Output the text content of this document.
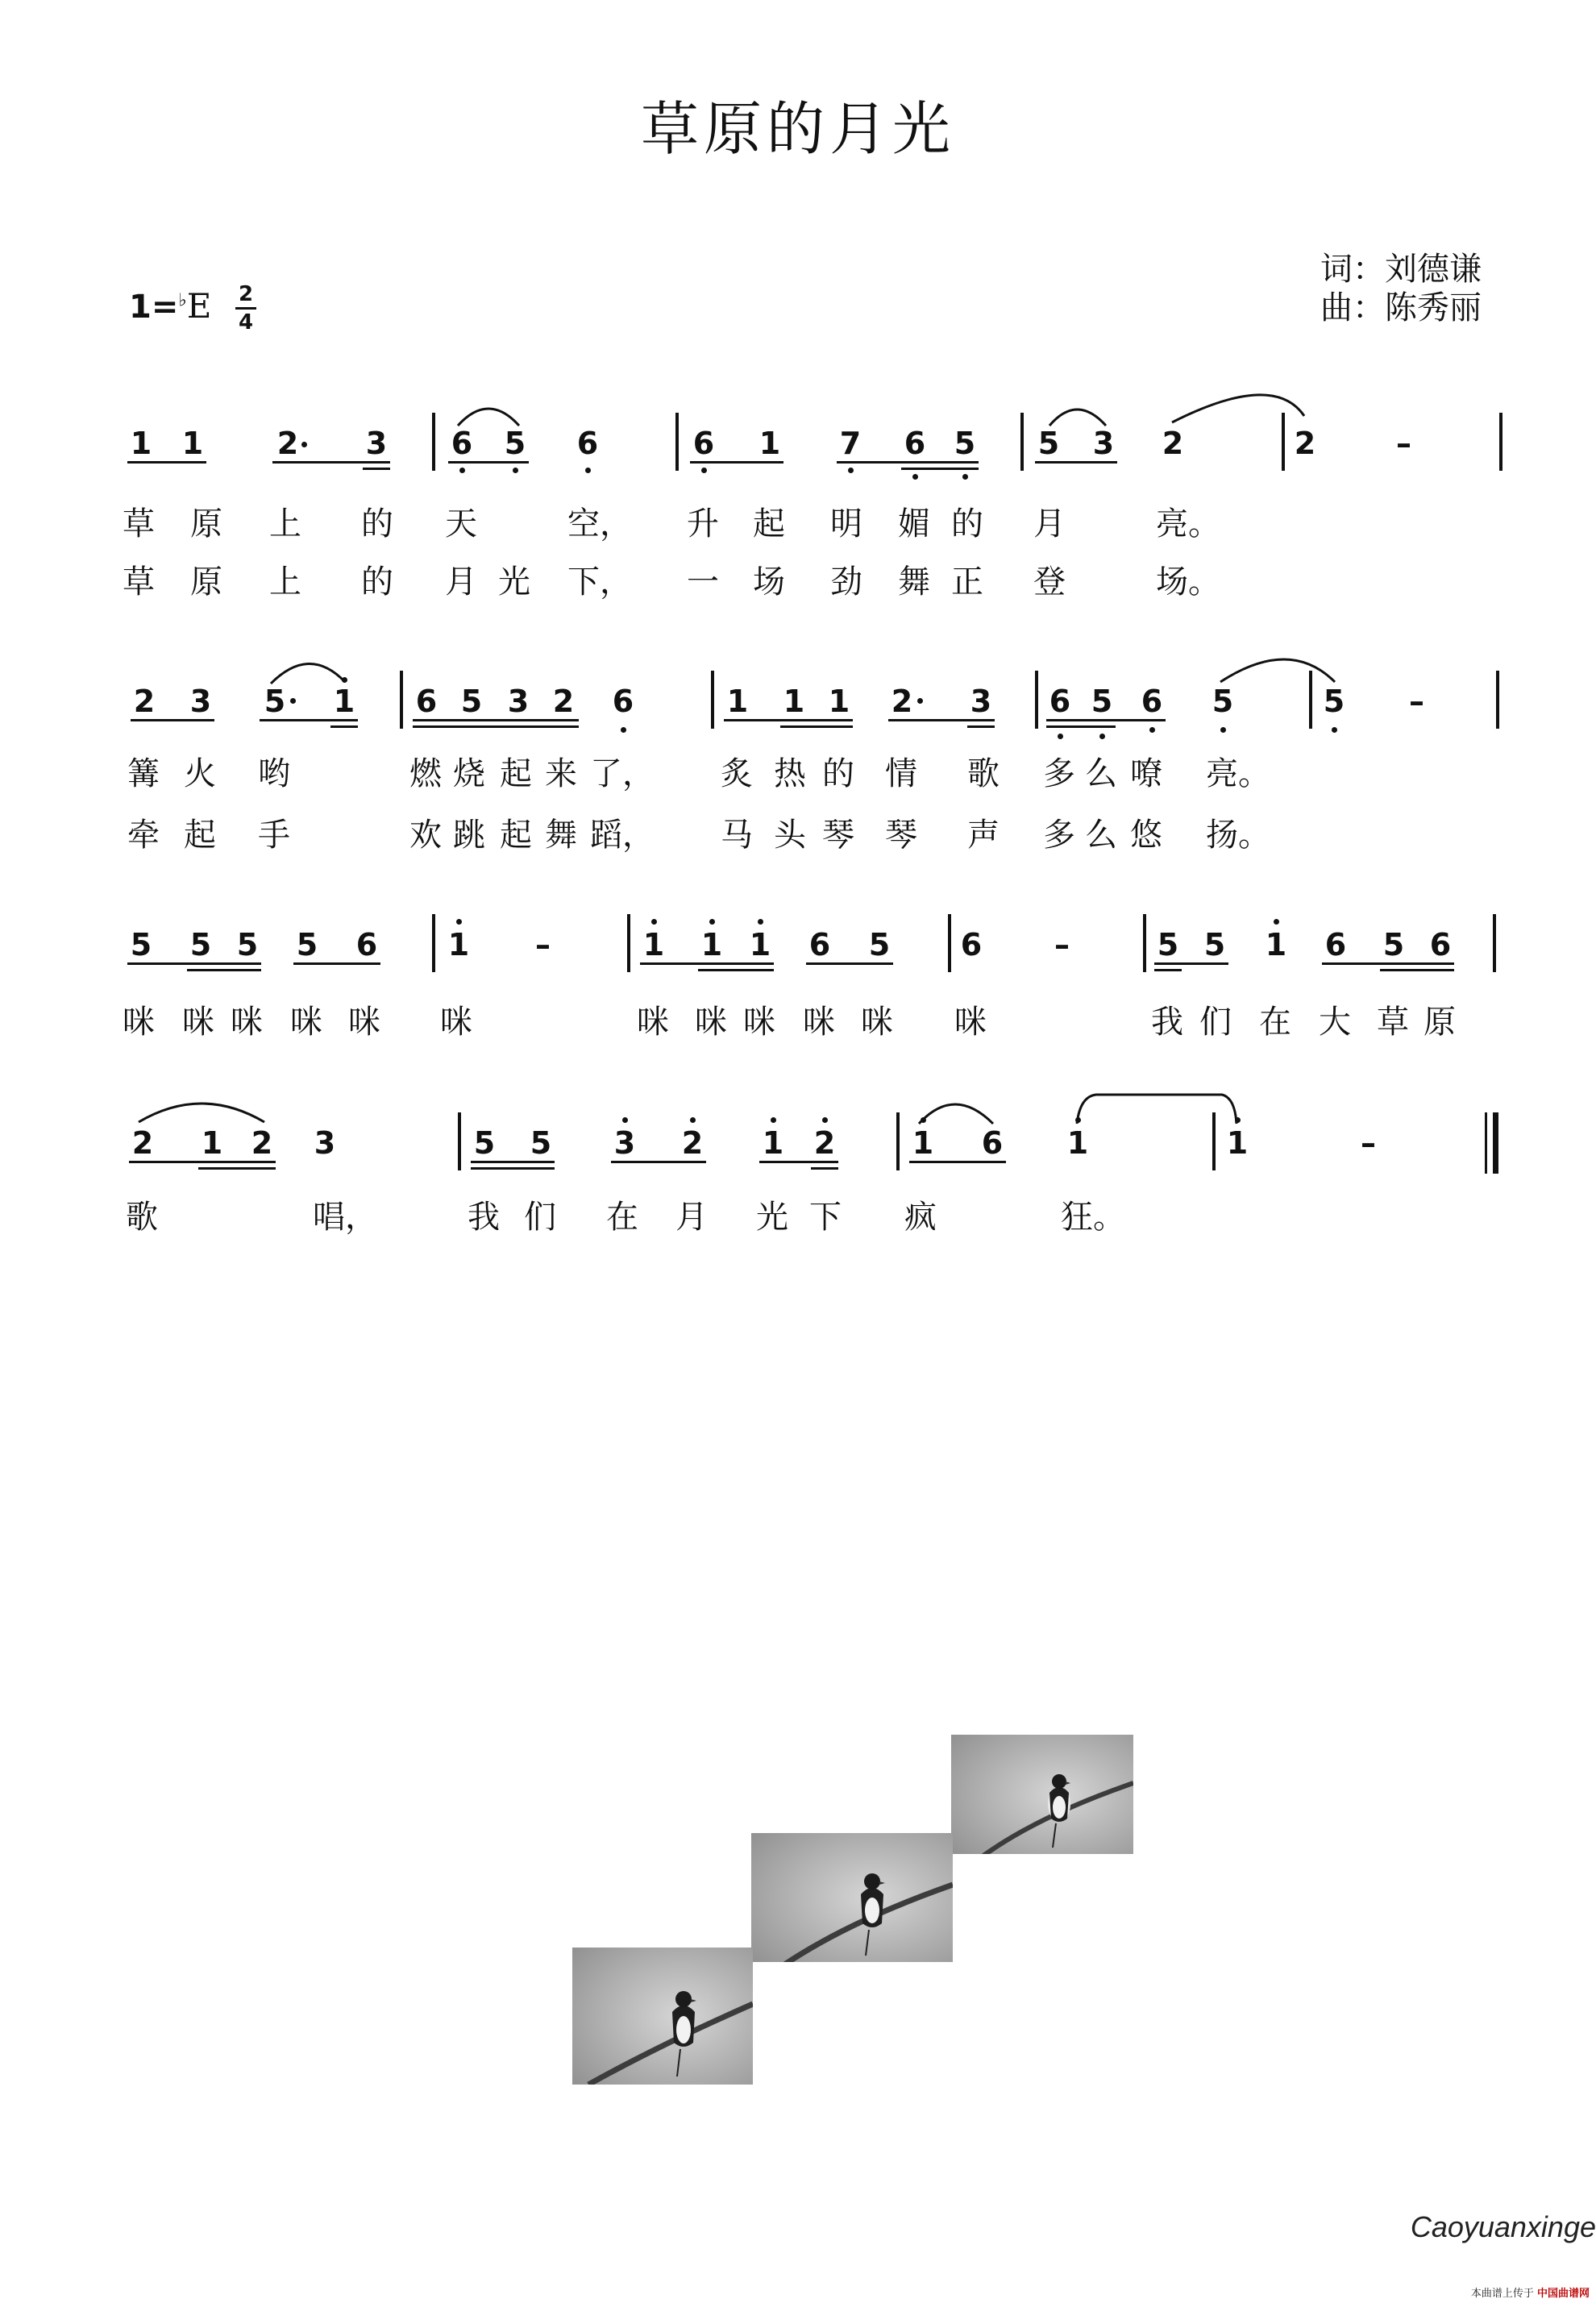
草原的月光
词：刘德谦
曲：陈秀丽
1=♭E 2
4
1 1 2 3 6 5 6	6 1 7 6 5 5 3 2	2	–
2 3 5 1 6 5 3 2 6	1 1 1 2 3 6 5 6 5	5 –
5 5 5 5 6 1 –	1 1 1 6 5 6 –	5 5 1 6 5 6
2 1 2 3	5 5 3 2 1 2	1 6 1	1	–
草 原 上 的 天	空， 升 起 明 媚 的 月	亮。
草 原 上 的 月 光 下， 一 场 劲 舞 正 登	场。
篝 火 哟	燃 烧 起 来 了， 炙 热 的 情 歌 多 么 嘹 亮。
牵 起 手	欢 跳 起 舞 蹈， 马 头 琴 琴 声 多 么 悠 扬。
咪 咪 咪 咪 咪 咪	咪 咪 咪 咪 咪 咪	我 们 在 大 草 原
歌	唱，	我 们 在 月 光 下 疯	狂。
Caoyuanxinge
本曲谱上传于 中国曲谱网
